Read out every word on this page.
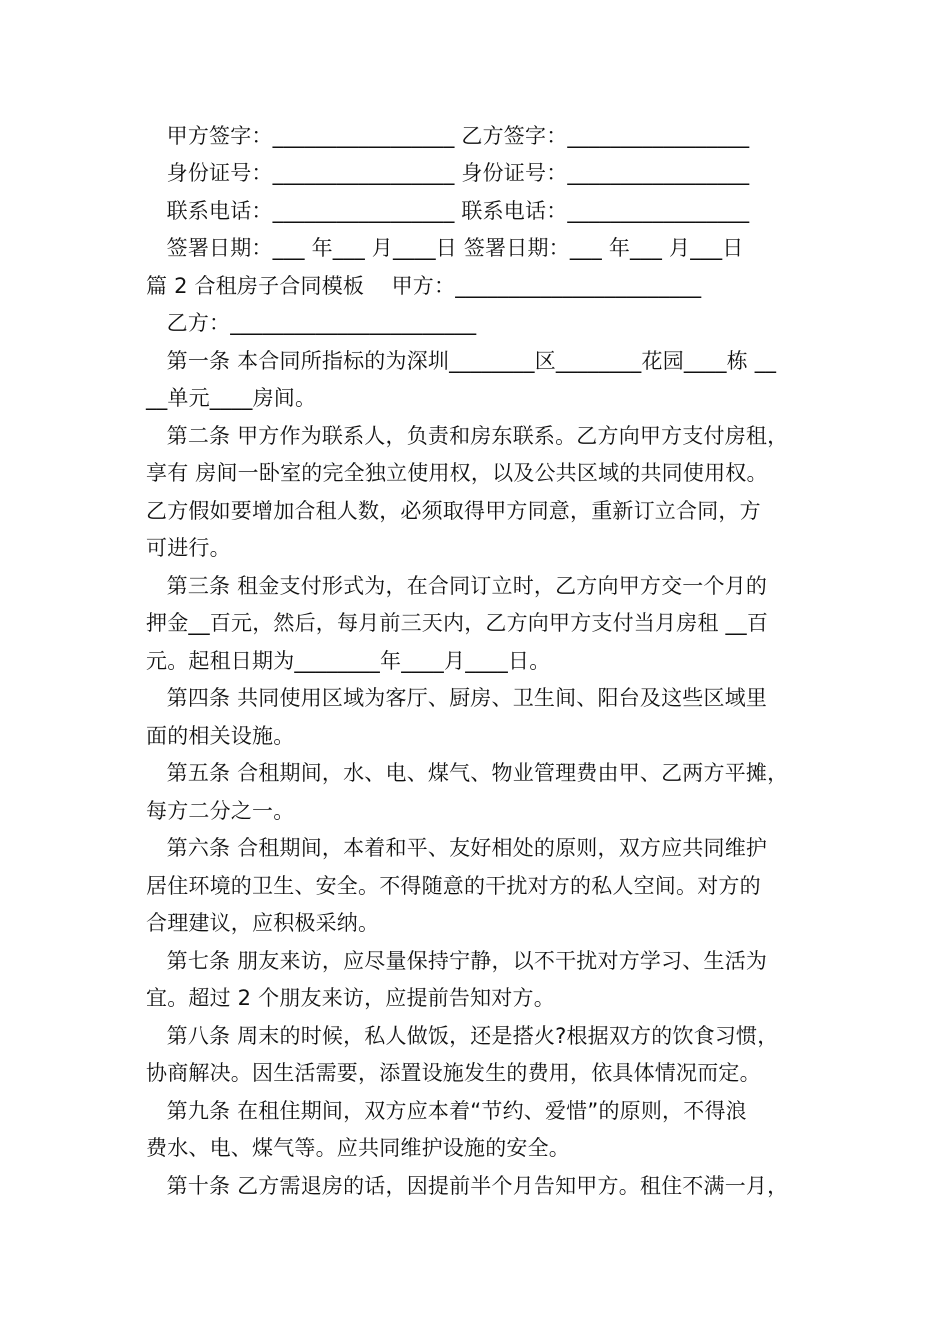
甲方签字：_________________ 乙方签字：_________________
身份证号：_________________ 身份证号：_________________
联系电话：_________________ 联系电话：_________________
签署日期：___ 年___ 月____日 签署日期：___ 年___ 月___日
篇 2 合租房子合同模板    甲方：_______________________
乙方：_______________________
第一条 本合同所指标的为深圳________区________花园____栋 __
__单元____房间。
第二条 甲方作为联系人，负责和房东联系。乙方向甲方支付房租，
享有 房间一卧室的完全独立使用权，以及公共区域的共同使用权。
乙方假如要增加合租人数，必须取得甲方同意，重新订立合同，方
可进行。
第三条 租金支付形式为，在合同订立时，乙方向甲方交一个月的
押金__百元，然后，每月前三天内，乙方向甲方支付当月房租 __百
元。起租日期为________年____月____日。
第四条 共同使用区域为客厅、厨房、卫生间、阳台及这些区域里
面的相关设施。
第五条 合租期间，水、电、煤气、物业管理费由甲、乙两方平摊，
每方二分之一。
第六条 合租期间，本着和平、友好相处的原则，双方应共同维护
居住环境的卫生、安全。不得随意的干扰对方的私人空间。对方的
合理建议，应积极采纳。
第七条 朋友来访，应尽量保持宁静，以不干扰对方学习、生活为
宜。超过 2 个朋友来访，应提前告知对方。
第八条 周末的时候，私人做饭，还是搭火?根据双方的饮食习惯，
协商解决。因生活需要，添置设施发生的费用，依具体情况而定。
第九条 在租住期间，双方应本着“节约、爱惜”的原则，不得浪
费水、电、煤气等。应共同维护设施的安全。
第十条 乙方需退房的话，因提前半个月告知甲方。租住不满一月，
